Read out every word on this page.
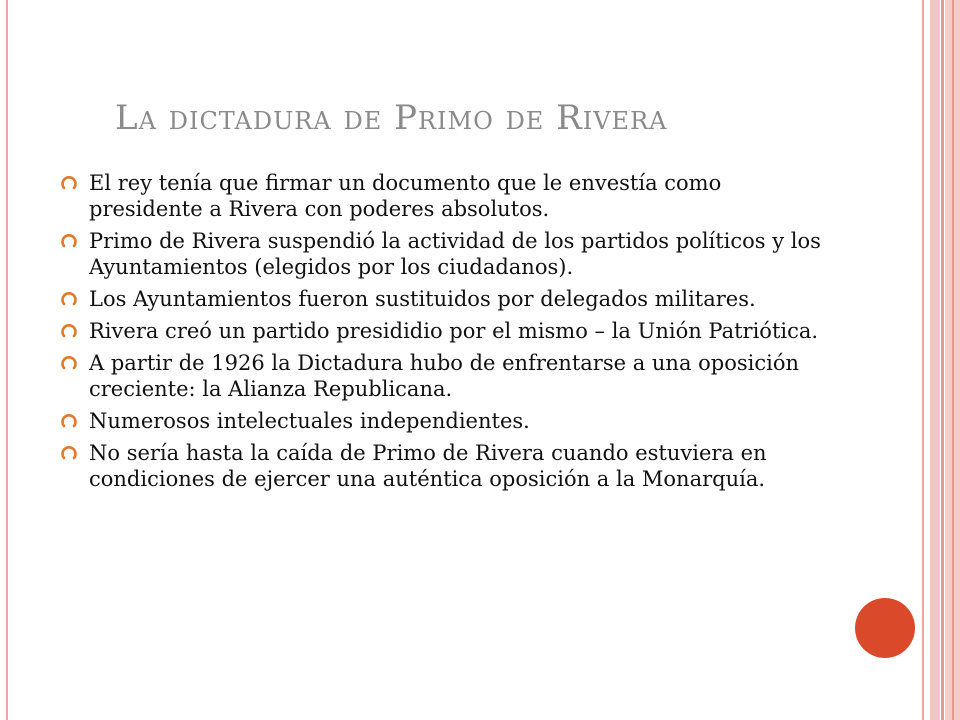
La dictadura de Primo de Rivera
El rey tenía que firmar un documento que le envestía como presidente a Rivera con poderes absolutos.
Primo de Rivera suspendió la actividad de los partidos políticos y los Ayuntamientos (elegidos por los ciudadanos).
Los Ayuntamientos fueron sustituidos por delegados militares.
Rivera creó un partido presididio por el mismo – la Unión Patriótica.
A partir de 1926 la Dictadura hubo de enfrentarse a una oposición creciente: la Alianza Republicana.
Numerosos intelectuales independientes.
No sería hasta la caída de Primo de Rivera cuando estuviera en condiciones de ejercer una auténtica oposición a la Monarquía.
